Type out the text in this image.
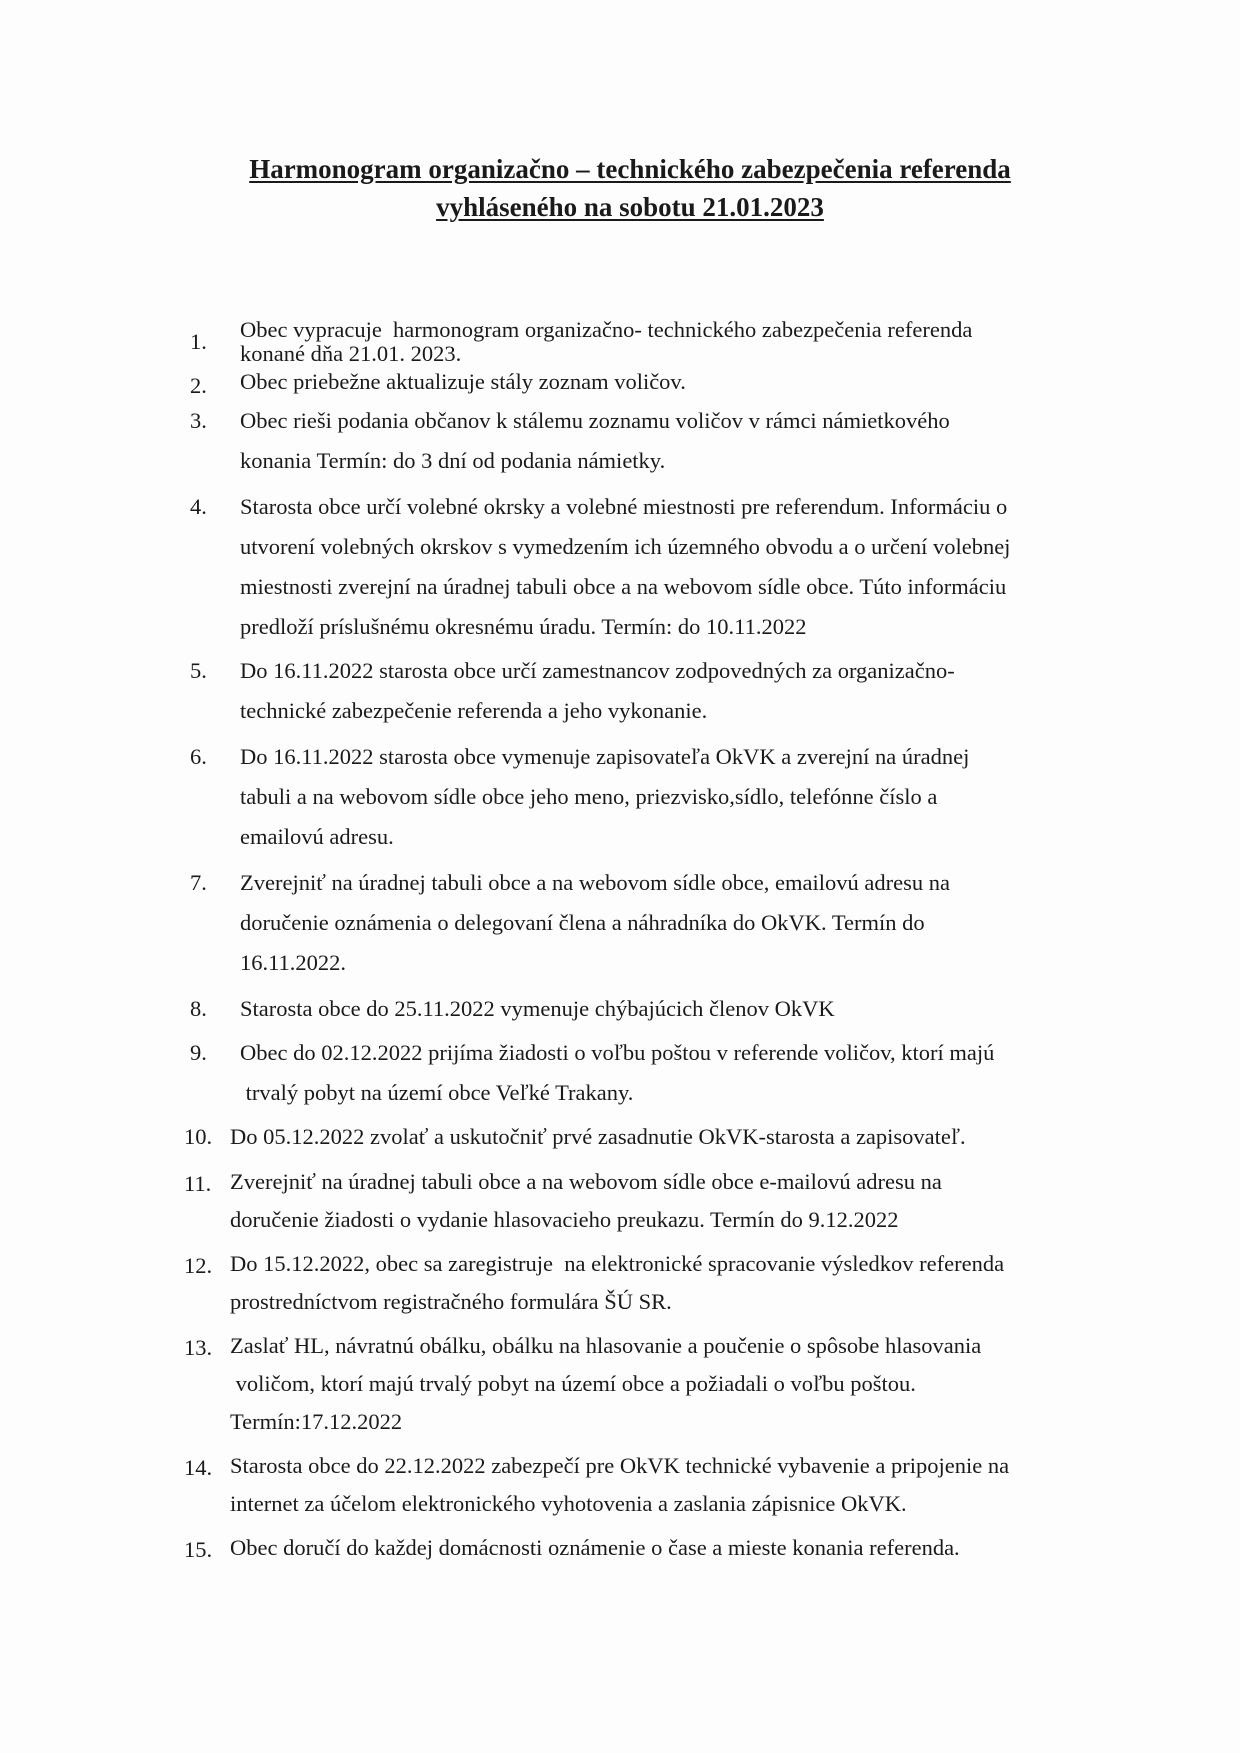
Harmonogram organizačno – technického zabezpečenia referenda
vyhláseného na sobotu 21.01.2023
1.	Obec vypracuje  harmonogram organizačno- technického zabezpečenia referenda
konané dňa 21.01. 2023.
2.	Obec priebežne aktualizuje stály zoznam voličov.
3.	Obec rieši podania občanov k stálemu zoznamu voličov v rámci námietkového
konania Termín: do 3 dní od podania námietky.
4.	Starosta obce určí volebné okrsky a volebné miestnosti pre referendum. Informáciu o
utvorení volebných okrskov s vymedzením ich územného obvodu a o určení volebnej
miestnosti zverejní na úradnej tabuli obce a na webovom sídle obce. Túto informáciu
predloží príslušnému okresnému úradu. Termín: do 10.11.2022
5.	Do 16.11.2022 starosta obce určí zamestnancov zodpovedných za organizačno-
technické zabezpečenie referenda a jeho vykonanie.
6.	Do 16.11.2022 starosta obce vymenuje zapisovateľa OkVK a zverejní na úradnej
tabuli a na webovom sídle obce jeho meno, priezvisko,sídlo, telefónne číslo a
emailovú adresu.
7.	Zverejniť na úradnej tabuli obce a na webovom sídle obce, emailovú adresu na
doručenie oznámenia o delegovaní člena a náhradníka do OkVK. Termín do
16.11.2022.
8.	Starosta obce do 25.11.2022 vymenuje chýbajúcich členov OkVK
9.	Obec do 02.12.2022 prijíma žiadosti o voľbu poštou v referende voličov, ktorí majú
trvalý pobyt na území obce Veľké Trakany.
10. Do 05.12.2022 zvolať a uskutočniť prvé zasadnutie OkVK-starosta a zapisovateľ.
11. Zverejniť na úradnej tabuli obce a na webovom sídle obce e-mailovú adresu na
doručenie žiadosti o vydanie hlasovacieho preukazu. Termín do 9.12.2022
12. Do 15.12.2022, obec sa zaregistruje  na elektronické spracovanie výsledkov referenda
prostredníctvom registračného formulára ŠÚ SR.
13. Zaslať HL, návratnú obálku, obálku na hlasovanie a poučenie o spôsobe hlasovania
voličom, ktorí majú trvalý pobyt na území obce a požiadali o voľbu poštou.
Termín:17.12.2022
14. Starosta obce do 22.12.2022 zabezpečí pre OkVK technické vybavenie a pripojenie na
internet za účelom elektronického vyhotovenia a zaslania zápisnice OkVK.
15. Obec doručí do každej domácnosti oznámenie o čase a mieste konania referenda.
